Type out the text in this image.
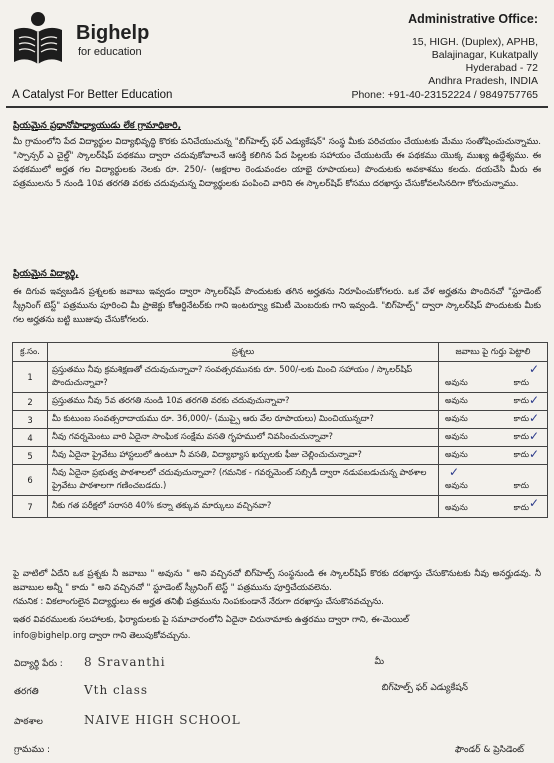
Bighelp
for education
A Catalyst For Better Education
Administrative Office:
15, HIGH. (Duplex), APHB,
Balajinagar, Kukatpally
Hyderabad - 72
Andhra Pradesh, INDIA
Phone: +91-40-23152224 / 9849757765
ప్రియమైన ప్రధానోపాధ్యాయుడు లేక గ్రామాధికారి,
మీ గ్రామంలోని పేద విద్యార్థుల విద్యాభివృద్ధి కొరకు పనిచేయుచున్న "బిగ్‌హెల్ప్ ఫర్ ఎడ్యుకేషన్" సంస్థ మీకు పరిచయం చేయుటకు మేము సంతోషించుచున్నాము. "స్పాన్సర్ ఎ చైల్డ్" స్కాలర్‌షిప్ పథకము ద్వారా చదువుకోవాలనే ఆసక్తి కలిగిన పేద పిల్లలకు సహాయం చేయుటయే ఈ పథకము యొక్క ముఖ్య ఉద్దేశ్యము. ఈ పథకములో అర్హత గల విద్యార్థులకు నెలకు రూ. 250/- (అక్షరాల రెండువందల యాభై రూపాయలు) పొందుటకు అవకాశము కలదు. దయచేసి మీరు ఈ పత్రములను 5 నుండి 10వ తరగతి వరకు చదువుచున్న విద్యార్థులకు పంపించి వారిని ఈ స్కాలర్‌షిప్ కోసము దరఖాస్తు చేసుకోవలసినదిగా కోరుచున్నాము.
ప్రియమైన విద్యార్థి,
ఈ దిగువ ఇవ్వబడిన ప్రశ్నలకు జవాబు ఇవ్వడం ద్వారా స్కాలర్‌షిప్ పొందుటకు తగిన అర్హతను నిరూపించుకోగలరు. ఒక వేళ అర్హతను పొందినచో "స్టూడెంట్ స్క్రీనింగ్ టెస్ట్" పత్రమును పూరించి మీ ప్రాజెక్టు కోఆర్డినేటర్‌కు గాని ఇంటర్వ్యూ కమిటీ మెంబరుకు గాని ఇవ్వండి. "బిగ్‌హెల్ప్" ద్వారా స్కాలర్‌షిప్ పొందుటకు మీకు గల అర్హతను బట్టి ఋజువు చేసుకోగలరు.
క్ర.సం.	ప్రశ్నలు	జవాబు పై గుర్తు పెట్టాలి
1	ప్రస్తుతము నీవు క్రమశిక్షణతో చదువుచున్నావా? సంవత్సరమునకు రూ. 500/-లకు మించి సహాయం / స్కాలర్‌షిప్ పొందుచున్నావా?	అవును కాదు
✓

2	ప్రస్తుతము నీవు 5వ తరగతి నుండి 10వ తరగతి వరకు చదువుచున్నావా?	అవును కాదు ✓

3	మీ కుటుంబ సంవత్సరాదాయము రూ. 36,000/- (ముప్పై ఆరు వేల రూపాయలు) మించియున్నదా?	అవును కాదు ✓

4	నీవు గవర్నమెంటు వారి ఏదైనా సాంఘిక సంక్షేమ వసతి గృహములో నివసించుచున్నావా?	అవును కాదు ✓

5	నీవు ఏదైనా ప్రైవేటు హాస్టలులో ఉంటూ నీ వసతి, విద్యాభ్యాస ఖర్చులకు ఫీజు చెల్లించుచున్నావా?	అవును కాదు ✓

6	నీవు ఏదైనా ప్రభుత్వ పాఠశాలలో చదువుచున్నావా? (గమనిక - గవర్నమెంట్ సబ్సిడీ ద్వారా నడుపబడుచున్న పాఠశాల ప్రైవేటు పాఠశాలగా గణించబడదు.)	అవును కాదు
✓

7	నీకు గత పరీక్షలో సరాసరి 40% కన్నా తక్కువ మార్కులు వచ్చినవా?	అవును కాదు ✓
పై వాటిలో ఏదేని ఒక ప్రశ్నకు నీ జవాబు " అవును " అని వచ్చినచో బిగ్‌హెల్ప్ సంస్థనుండి ఈ స్కాలర్‌షిప్ కొరకు దరఖాస్తు చేసుకొనుటకు నీవు అనర్హుడవు. నీ జవాబుల అన్నీ " కాదు " అని వచ్చినచో " స్టూడెంట్ స్క్రీనింగ్ టెస్ట్ " పత్రమును పూర్తిచేయవలెను.
గమనిక : వికలాంగులైన విద్యార్థులు ఈ అర్హత తనిఖీ పత్రమును నింపకుండానే నేరుగా దరఖాస్తు చేసుకొనవచ్చును.
ఇతర వివరములకు సలహాలకు, ఫిర్యాదులకు పై సమాచారంలోని ఏదైనా చిరునామాకు ఉత్తరము ద్వారా గాని, ఈ-మెయిల్
info@bighelp.org ద్వారా గాని తెలుపుకోవచ్చును.
విద్యార్థి పేరు : 8 Sravanthi
తరగతి	Vth class
పాఠశాల	NAIVE HIGH SCHOOL
గ్రామము :
మీ
బిగ్‌హెల్ప్ ఫర్ ఎడ్యుకేషన్
ఫౌండర్ & ప్రెసిడెంట్
